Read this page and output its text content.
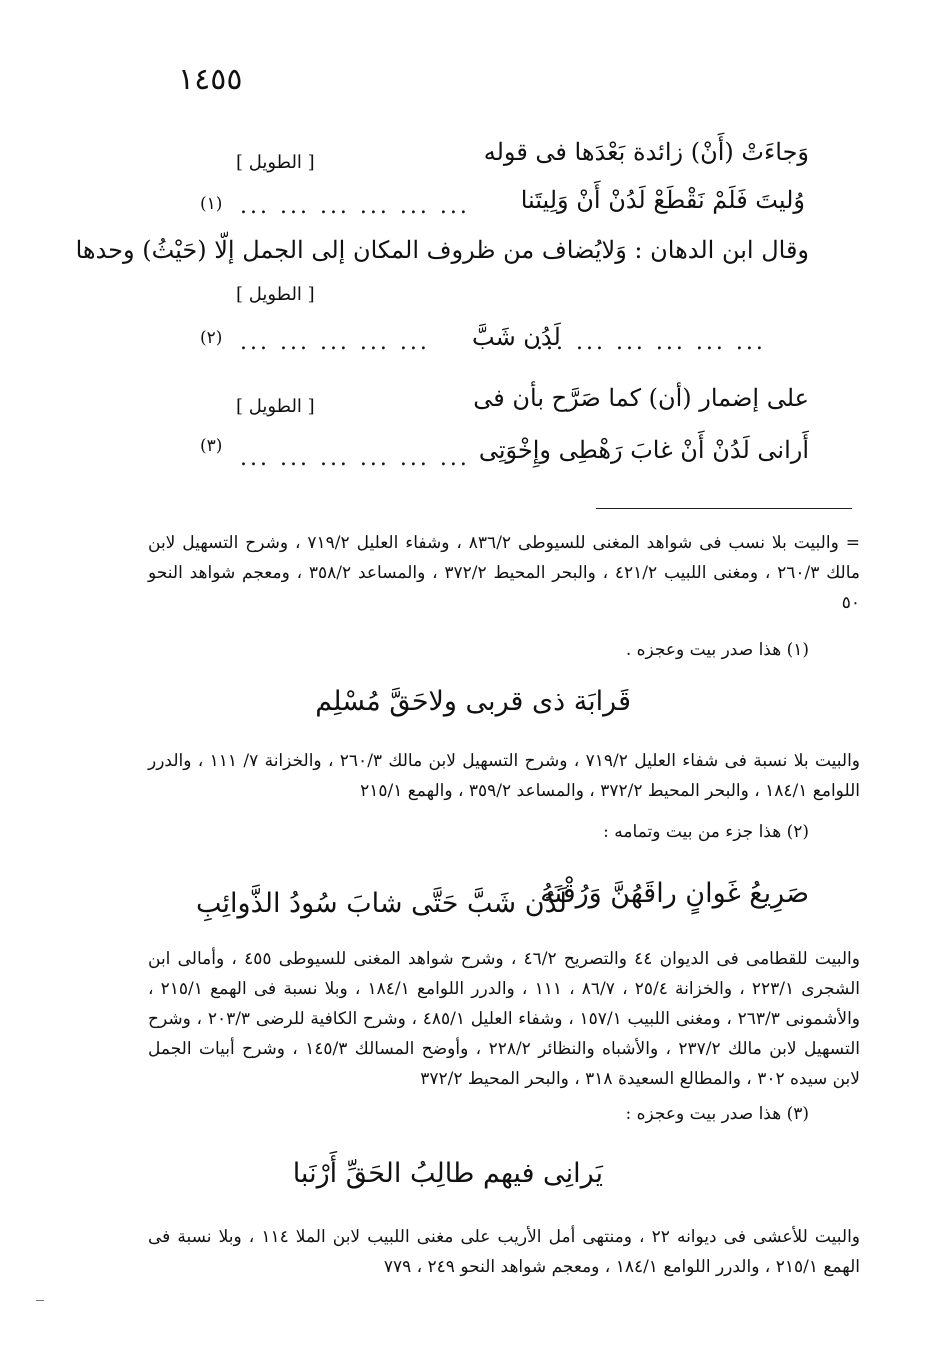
١٤٥٥
وَجاءَتْ (أَنْ) زائدة بَعْدَها فى قوله
[ الطويل ]
وُليتَ فَلَمْ نَقْطَعْ لَدُنْ أَنْ وَلِيتَنا
... ... ... ... ... ...
(١)
وقال ابن الدهان : وَلايُضاف من ظروف المكان إلى الجمل إلّا (حَيْثُ) وحدها
[ الطويل ]
... ... ... ... ... ...
لَدُن شَبَّ
... ... ... ... ...
(٢)
على إضمار (أن) كما صَرَّح بأن فى
[ الطويل ]
أَرانى لَدُنْ أَنْ غابَ رَهْطِى وإِخْوَتِى
... ... ... ... ... ...
(٣)
= والبيت بلا نسب فى شواهد المغنى للسيوطى ٨٣٦/٢ ، وشفاء العليل ٧١٩/٢ ، وشرح التسهيل لابن مالك ٢٦٠/٣ ، ومغنى اللبيب ٤٢١/٢ ، والبحر المحيط ٣٧٢/٢ ، والمساعد ٣٥٨/٢ ، ومعجم شواهد النحو ٥٠
(١) هذا صدر بيت وعجزه .
قَرابَة ذى قربى ولاحَقَّ مُسْلِم
والبيت بلا نسبة فى شفاء العليل ٧١٩/٢ ، وشرح التسهيل لابن مالك ٢٦٠/٣ ، والخزانة ٧/ ١١١ ، والدرر اللوامع ١٨٤/١ ، والبحر المحيط ٣٧٢/٢ ، والمساعد ٣٥٩/٢ ، والهمع ٢١٥/١
(٢) هذا جزء من بيت وتمامه :
صَرِيعُ غَوانٍ راقَهُنَّ وَرُقْنَهُ
لَدُن شَبَّ حَتَّى شابَ سُودُ الذَّوائِبِ
والبيت للقطامى فى الديوان ٤٤ والتصريح ٤٦/٢ ، وشرح شواهد المغنى للسيوطى ٤٥٥ ، وأمالى ابن الشجرى ٢٢٣/١ ، والخزانة ٢٥/٤ ، ٨٦/٧ ، ١١١ ، والدرر اللوامع ١٨٤/١ ، وبلا نسبة فى الهمع ٢١٥/١ ، والأشمونى ٢٦٣/٣ ، ومغنى اللبيب ١٥٧/١ ، وشفاء العليل ٤٨٥/١ ، وشرح الكافية للرضى ٢٠٣/٣ ، وشرح التسهيل لابن مالك ٢٣٧/٢ ، والأشباه والنظائر ٢٢٨/٢ ، وأوضح المسالك ١٤٥/٣ ، وشرح أبيات الجمل لابن سيده ٣٠٢ ، والمطالع السعيدة ٣١٨ ، والبحر المحيط ٣٧٢/٢
(٣) هذا صدر بيت وعجزه :
يَرانِى فيهم طالِبُ الحَقِّ أَرْنَبا
والبيت للأعشى فى ديوانه ٢٢ ، ومنتهى أمل الأريب على مغنى اللبيب لابن الملا ١١٤ ، وبلا نسبة فى الهمع ٢١٥/١ ، والدرر اللوامع ١٨٤/١ ، ومعجم شواهد النحو ٢٤٩ ، ٧٧٩
